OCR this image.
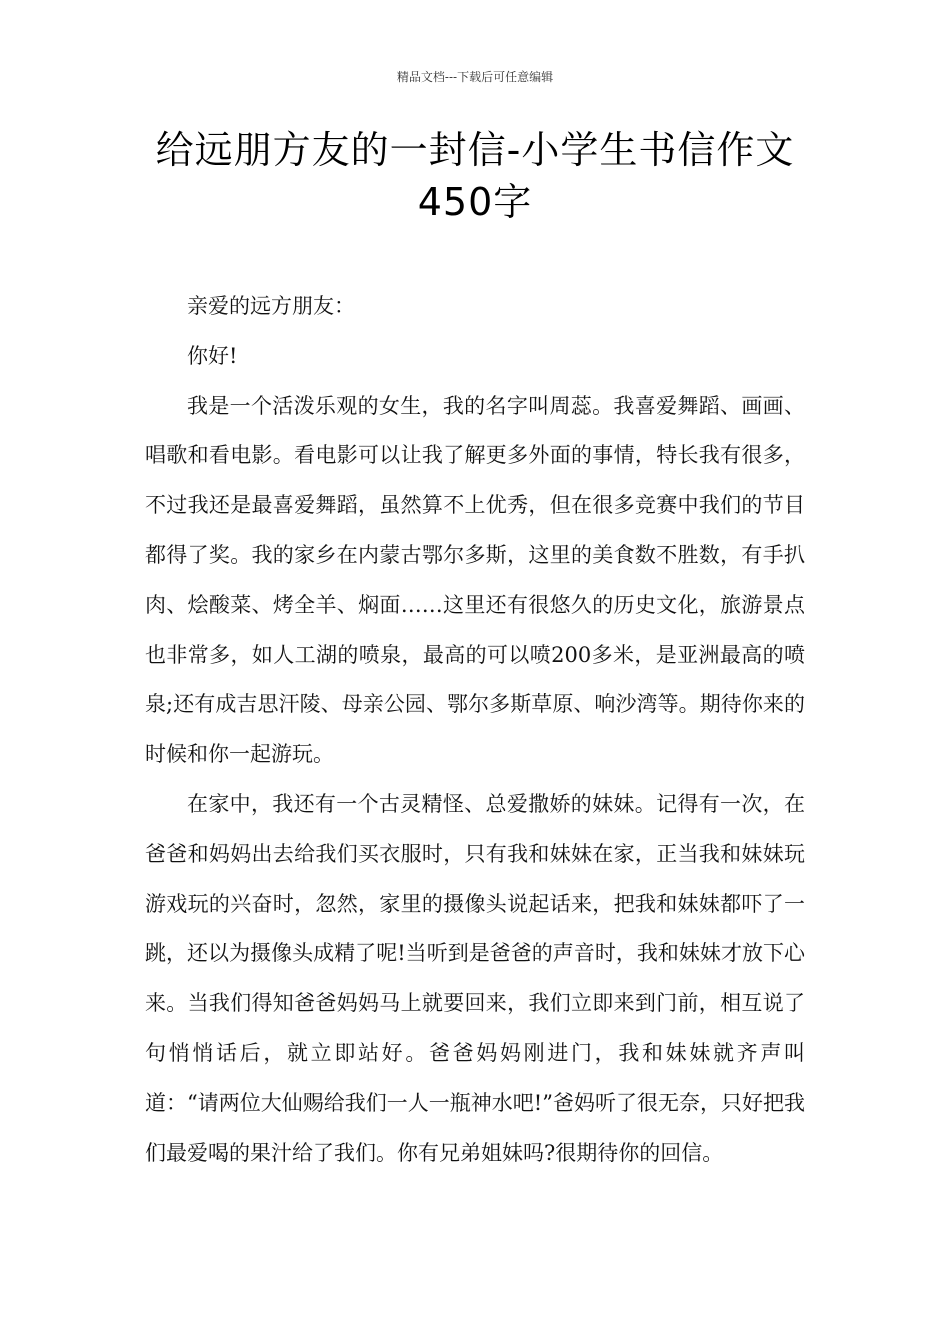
精品文档---下载后可任意编辑
给远朋方友的一封信-小学生书信作文
450字

亲爱的远方朋友：

你好!

我是一个活泼乐观的女生，我的名字叫周蕊。我喜爱舞蹈、画画、唱歌和看电影。看电影可以让我了解更多外面的事情，特长我有很多，不过我还是最喜爱舞蹈，虽然算不上优秀，但在很多竞赛中我们的节目都得了奖。我的家乡在内蒙古鄂尔多斯，这里的美食数不胜数，有手扒肉、烩酸菜、烤全羊、焖面……这里还有很悠久的历史文化，旅游景点也非常多，如人工湖的喷泉，最高的可以喷200多米，是亚洲最高的喷泉;还有成吉思汗陵、母亲公园、鄂尔多斯草原、响沙湾等。期待你来的时候和你一起游玩。

在家中，我还有一个古灵精怪、总爱撒娇的妹妹。记得有一次，在爸爸和妈妈出去给我们买衣服时，只有我和妹妹在家，正当我和妹妹玩游戏玩的兴奋时，忽然，家里的摄像头说起话来，把我和妹妹都吓了一跳，还以为摄像头成精了呢!当听到是爸爸的声音时，我和妹妹才放下心来。当我们得知爸爸妈妈马上就要回来，我们立即来到门前，相互说了句悄悄话后，就立即站好。爸爸妈妈刚进门，我和妹妹就齐声叫道：“请两位大仙赐给我们一人一瓶神水吧!”爸妈听了很无奈，只好把我们最爱喝的果汁给了我们。你有兄弟姐妹吗?很期待你的回信。
